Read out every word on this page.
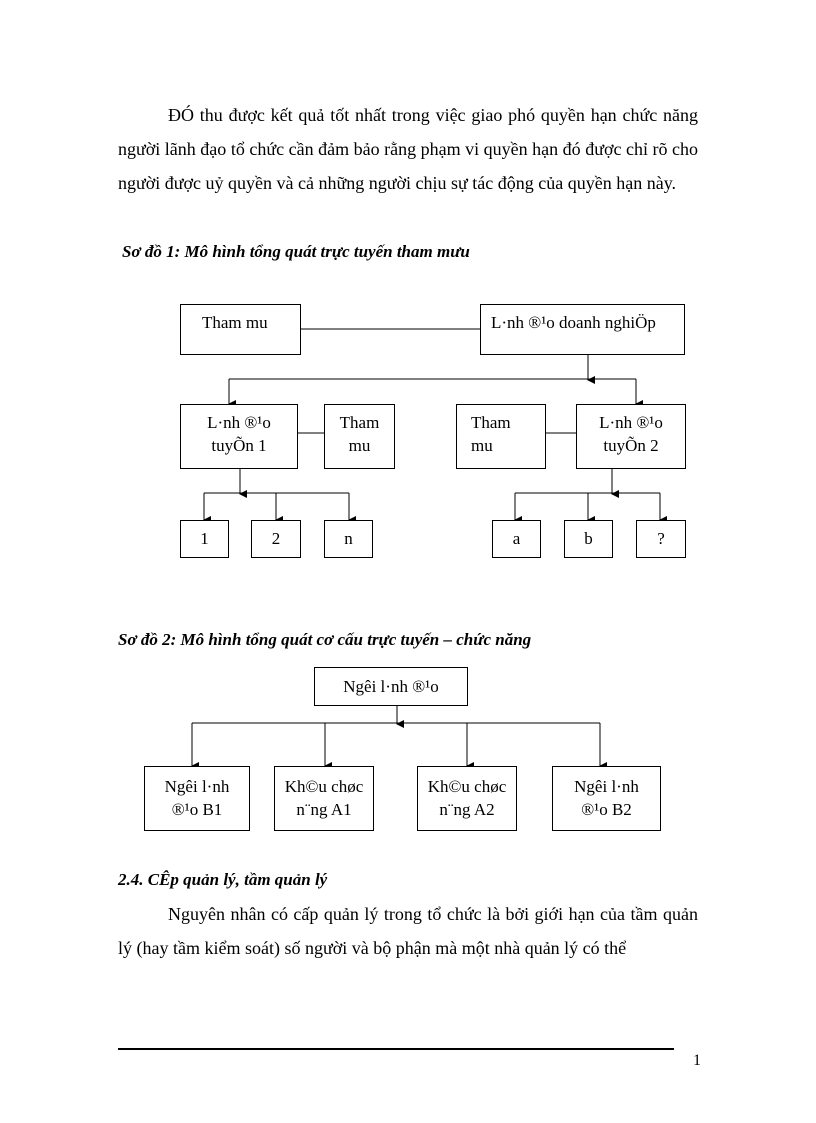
ĐÓ thu được kết quả tốt nhất trong việc giao phó quyền hạn chức năng người lãnh đạo tổ chức cần đảm bảo rằng phạm vi quyền hạn đó được chỉ rõ cho người được uỷ quyền và cả những người chịu sự tác động của quyền hạn này.

Sơ đồ 1: Mô hình tổng quát trực tuyến tham mưu

Tham mu	L·nh ®¹o doanh nghiÖp
L·nh ®¹o tuyÕn 1
Tham mu
Tham mu
L·nh ®¹o tuyÕn 2
1	2	n	a	b	?

Sơ đồ 2: Mô hình tổng quát cơ cấu trực tuyến – chức năng

Ngêi l·nh ®¹o
Ngêi l·nh ®¹o B1
Kh©u chøc n¨ng A1
Kh©u chøc n¨ng A2
Ngêi l·nh ®¹o B2

2.4. CÊp quản lý, tầm quản lý

Nguyên nhân có cấp quản lý trong tổ chức là bởi giới hạn của tầm quản lý (hay tầm kiểm soát) số người và bộ phận mà một nhà quản lý có thể

1
